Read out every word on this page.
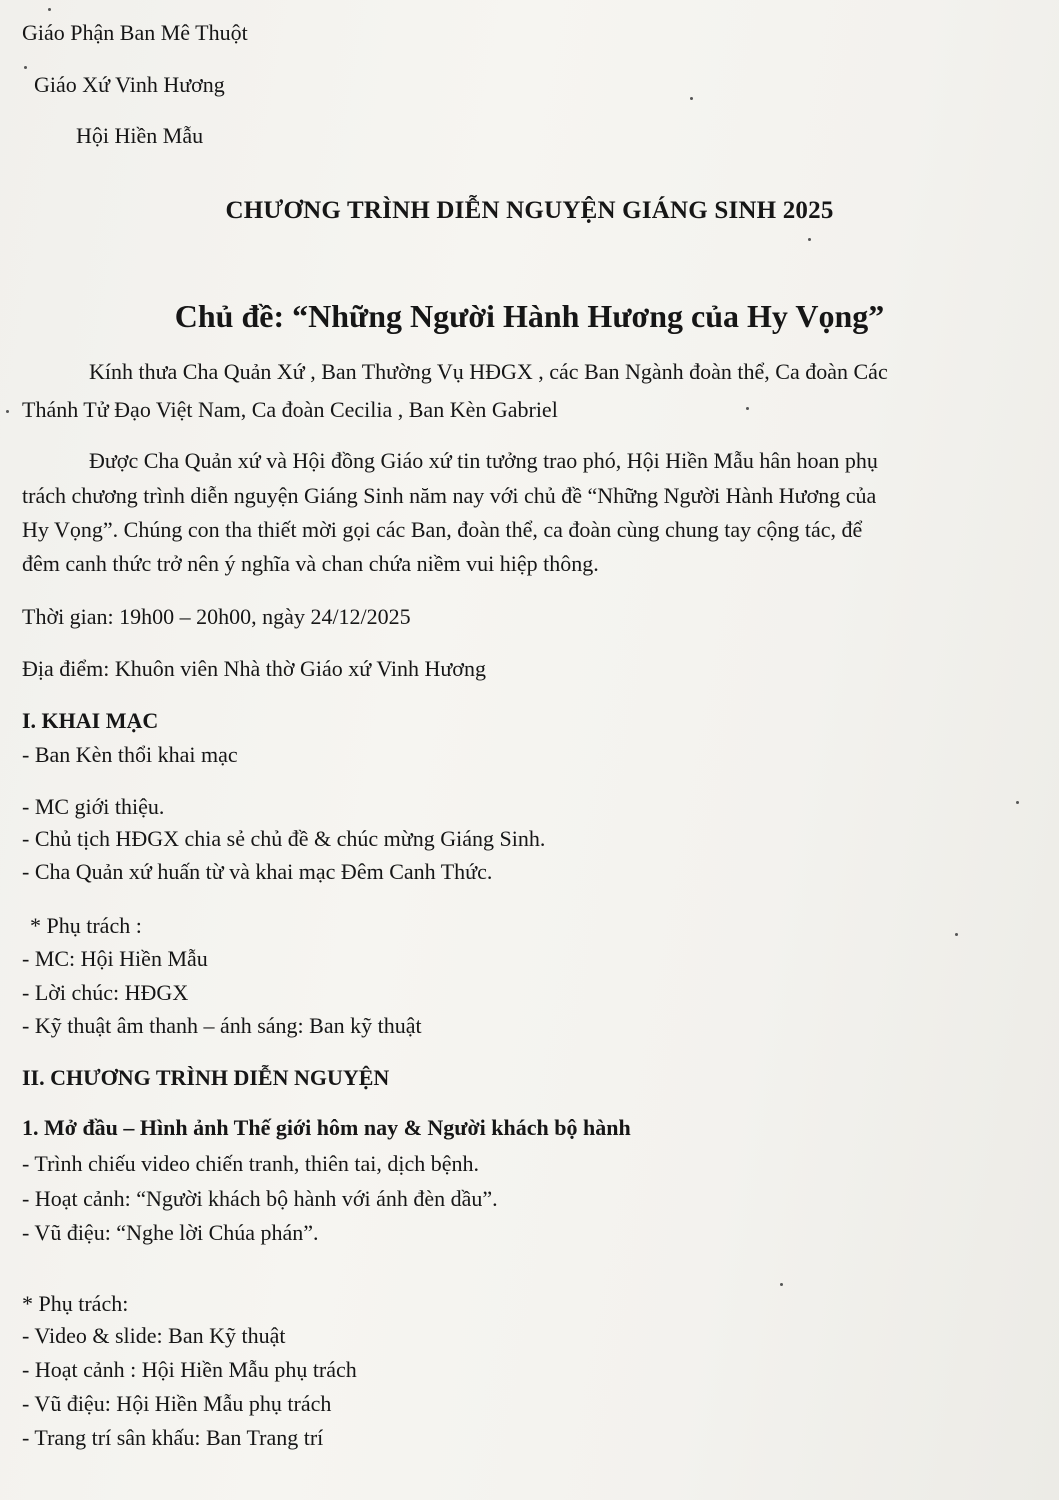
Giáo Phận Ban Mê Thuột
Giáo Xứ Vinh Hương
Hội Hiền Mẫu
CHƯƠNG TRÌNH DIỄN NGUYỆN GIÁNG SINH 2025
Chủ đề: “Những Người Hành Hương của Hy Vọng”
Kính thưa Cha Quản Xứ , Ban Thường Vụ HĐGX , các Ban Ngành đoàn thể, Ca đoàn Các
Thánh Tử Đạo Việt Nam, Ca đoàn Cecilia , Ban Kèn Gabriel
Được Cha Quản xứ và Hội đồng Giáo xứ tin tưởng trao phó, Hội Hiền Mẫu hân hoan phụ
trách chương trình diễn nguyện Giáng Sinh năm nay với chủ đề “Những Người Hành Hương của
Hy Vọng”. Chúng con tha thiết mời gọi các Ban, đoàn thể, ca đoàn cùng chung tay cộng tác, để
đêm canh thức trở nên ý nghĩa và chan chứa niềm vui hiệp thông.
Thời gian: 19h00 – 20h00, ngày 24/12/2025
Địa điểm: Khuôn viên Nhà thờ Giáo xứ Vinh Hương
I. KHAI MẠC
- Ban Kèn thổi khai mạc
- MC giới thiệu.
- Chủ tịch HĐGX chia sẻ chủ đề & chúc mừng Giáng Sinh.
- Cha Quản xứ huấn từ và khai mạc Đêm Canh Thức.
* Phụ trách :
- MC: Hội Hiền Mẫu
- Lời chúc: HĐGX
- Kỹ thuật âm thanh – ánh sáng: Ban kỹ thuật
II. CHƯƠNG TRÌNH DIỄN NGUYỆN
1. Mở đầu – Hình ảnh Thế giới hôm nay & Người khách bộ hành
- Trình chiếu video chiến tranh, thiên tai, dịch bệnh.
- Hoạt cảnh: “Người khách bộ hành với ánh đèn dầu”.
- Vũ điệu: “Nghe lời Chúa phán”.
* Phụ trách:
- Video & slide: Ban Kỹ thuật
- Hoạt cảnh : Hội Hiền Mẫu phụ trách
- Vũ điệu: Hội Hiền Mẫu phụ trách
- Trang trí sân khấu: Ban Trang trí
